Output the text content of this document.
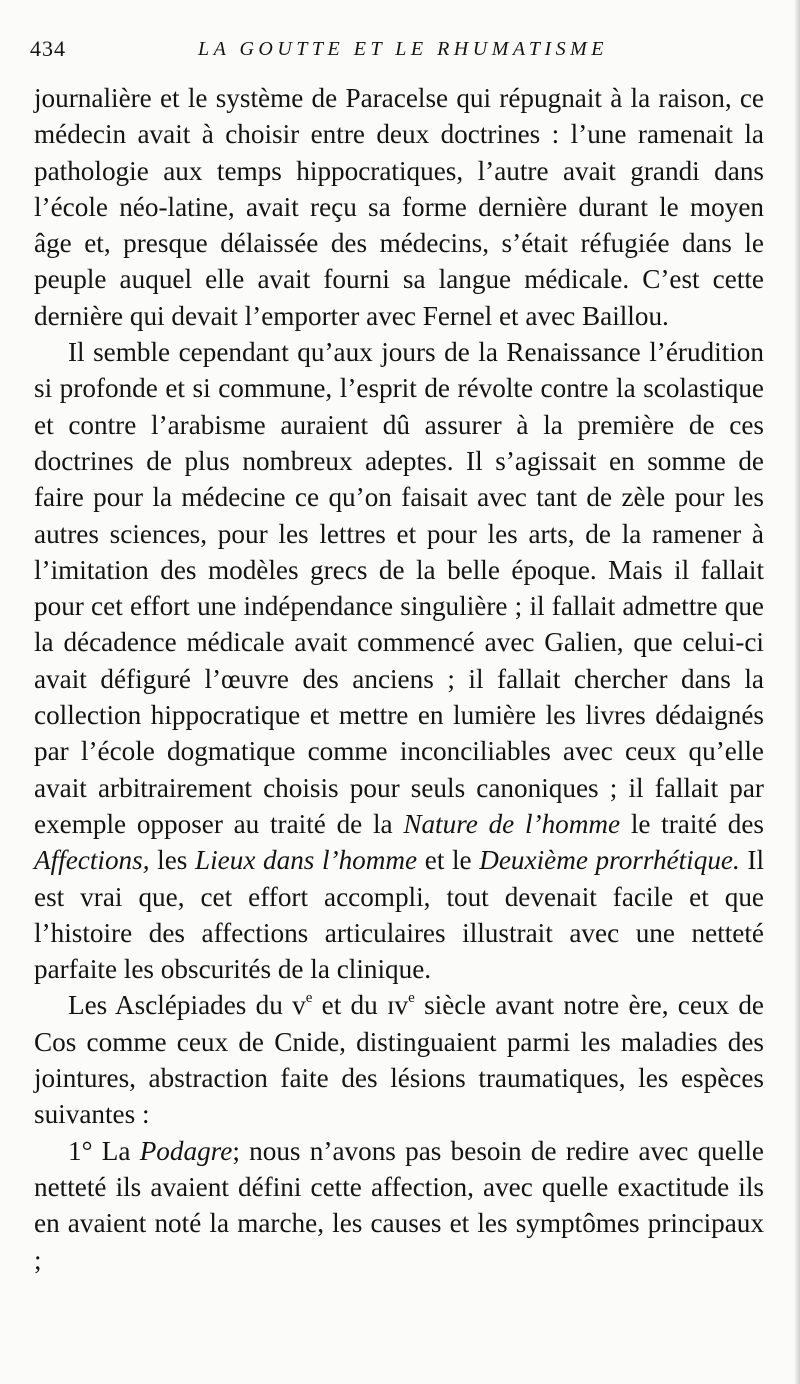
434	LA GOUTTE ET LE RHUMATISME

journalière et le système de Paracelse qui répugnait à la raison, ce médecin avait à choisir entre deux doctrines : l’une ramenait la pathologie aux temps hippocratiques, l’autre avait grandi dans l’école néo-latine, avait reçu sa forme dernière durant le moyen âge et, presque délaissée des médecins, s’était réfugiée dans le peuple auquel elle avait fourni sa langue médicale. C’est cette dernière qui devait l’emporter avec Fernel et avec Baillou.

Il semble cependant qu’aux jours de la Renaissance l’érudition si profonde et si commune, l’esprit de révolte contre la scolastique et contre l’arabisme auraient dû assurer à la première de ces doctrines de plus nombreux adeptes. Il s’agissait en somme de faire pour la médecine ce qu’on faisait avec tant de zèle pour les autres sciences, pour les lettres et pour les arts, de la ramener à l’imitation des modèles grecs de la belle époque. Mais il fallait pour cet effort une indépendance singulière ; il fallait admettre que la décadence médicale avait commencé avec Galien, que celui-ci avait défiguré l’œuvre des anciens ; il fallait chercher dans la collection hippocratique et mettre en lumière les livres dédaignés par l’école dogmatique comme inconciliables avec ceux qu’elle avait arbitrairement choisis pour seuls canoniques ; il fallait par exemple opposer au traité de la Nature de l’homme le traité des Affections, les Lieux dans l’homme et le Deuxième prorrhétique. Il est vrai que, cet effort accompli, tout devenait facile et que l’histoire des affections articulaires illustrait avec une netteté parfaite les obscurités de la clinique.

Les Asclépiades du $v^e$ et du ɪv$^e$ siècle avant notre ère, ceux de Cos comme ceux de Cnide, distinguaient parmi les maladies des jointures, abstraction faite des lésions traumatiques, les espèces suivantes :

1° La Podagre; nous n’avons pas besoin de redire avec quelle netteté ils avaient défini cette affection, avec quelle exactitude ils en avaient noté la marche, les causes et les symptômes principaux ;
